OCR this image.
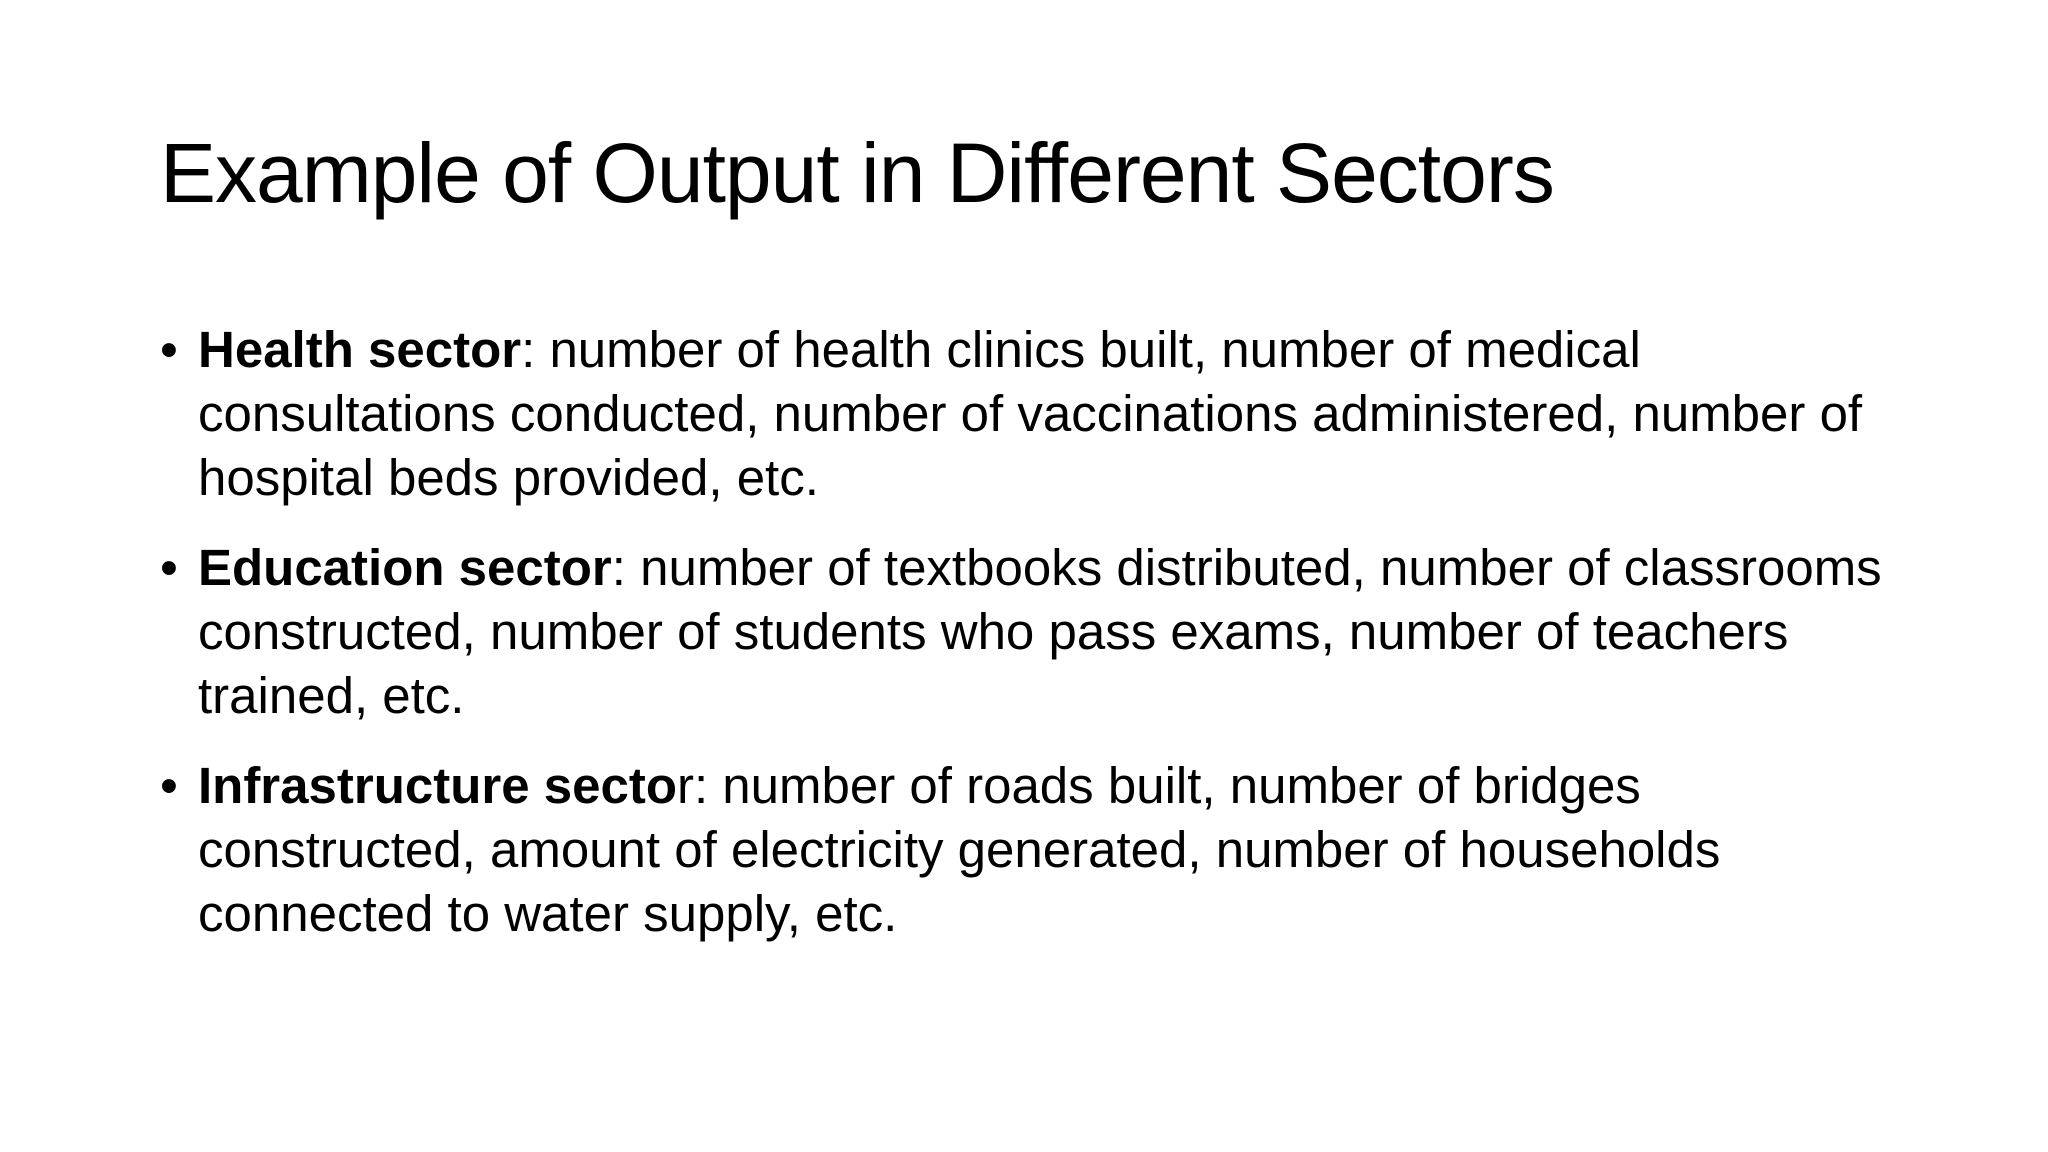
Example of Output in Different Sectors
• Health sector: number of health clinics built, number of medical consultations conducted, number of vaccinations administered, number of hospital beds provided, etc.
• Education sector: number of textbooks distributed, number of classrooms constructed, number of students who pass exams, number of teachers trained, etc.
• Infrastructure sector: number of roads built, number of bridges constructed, amount of electricity generated, number of households connected to water supply, etc.
